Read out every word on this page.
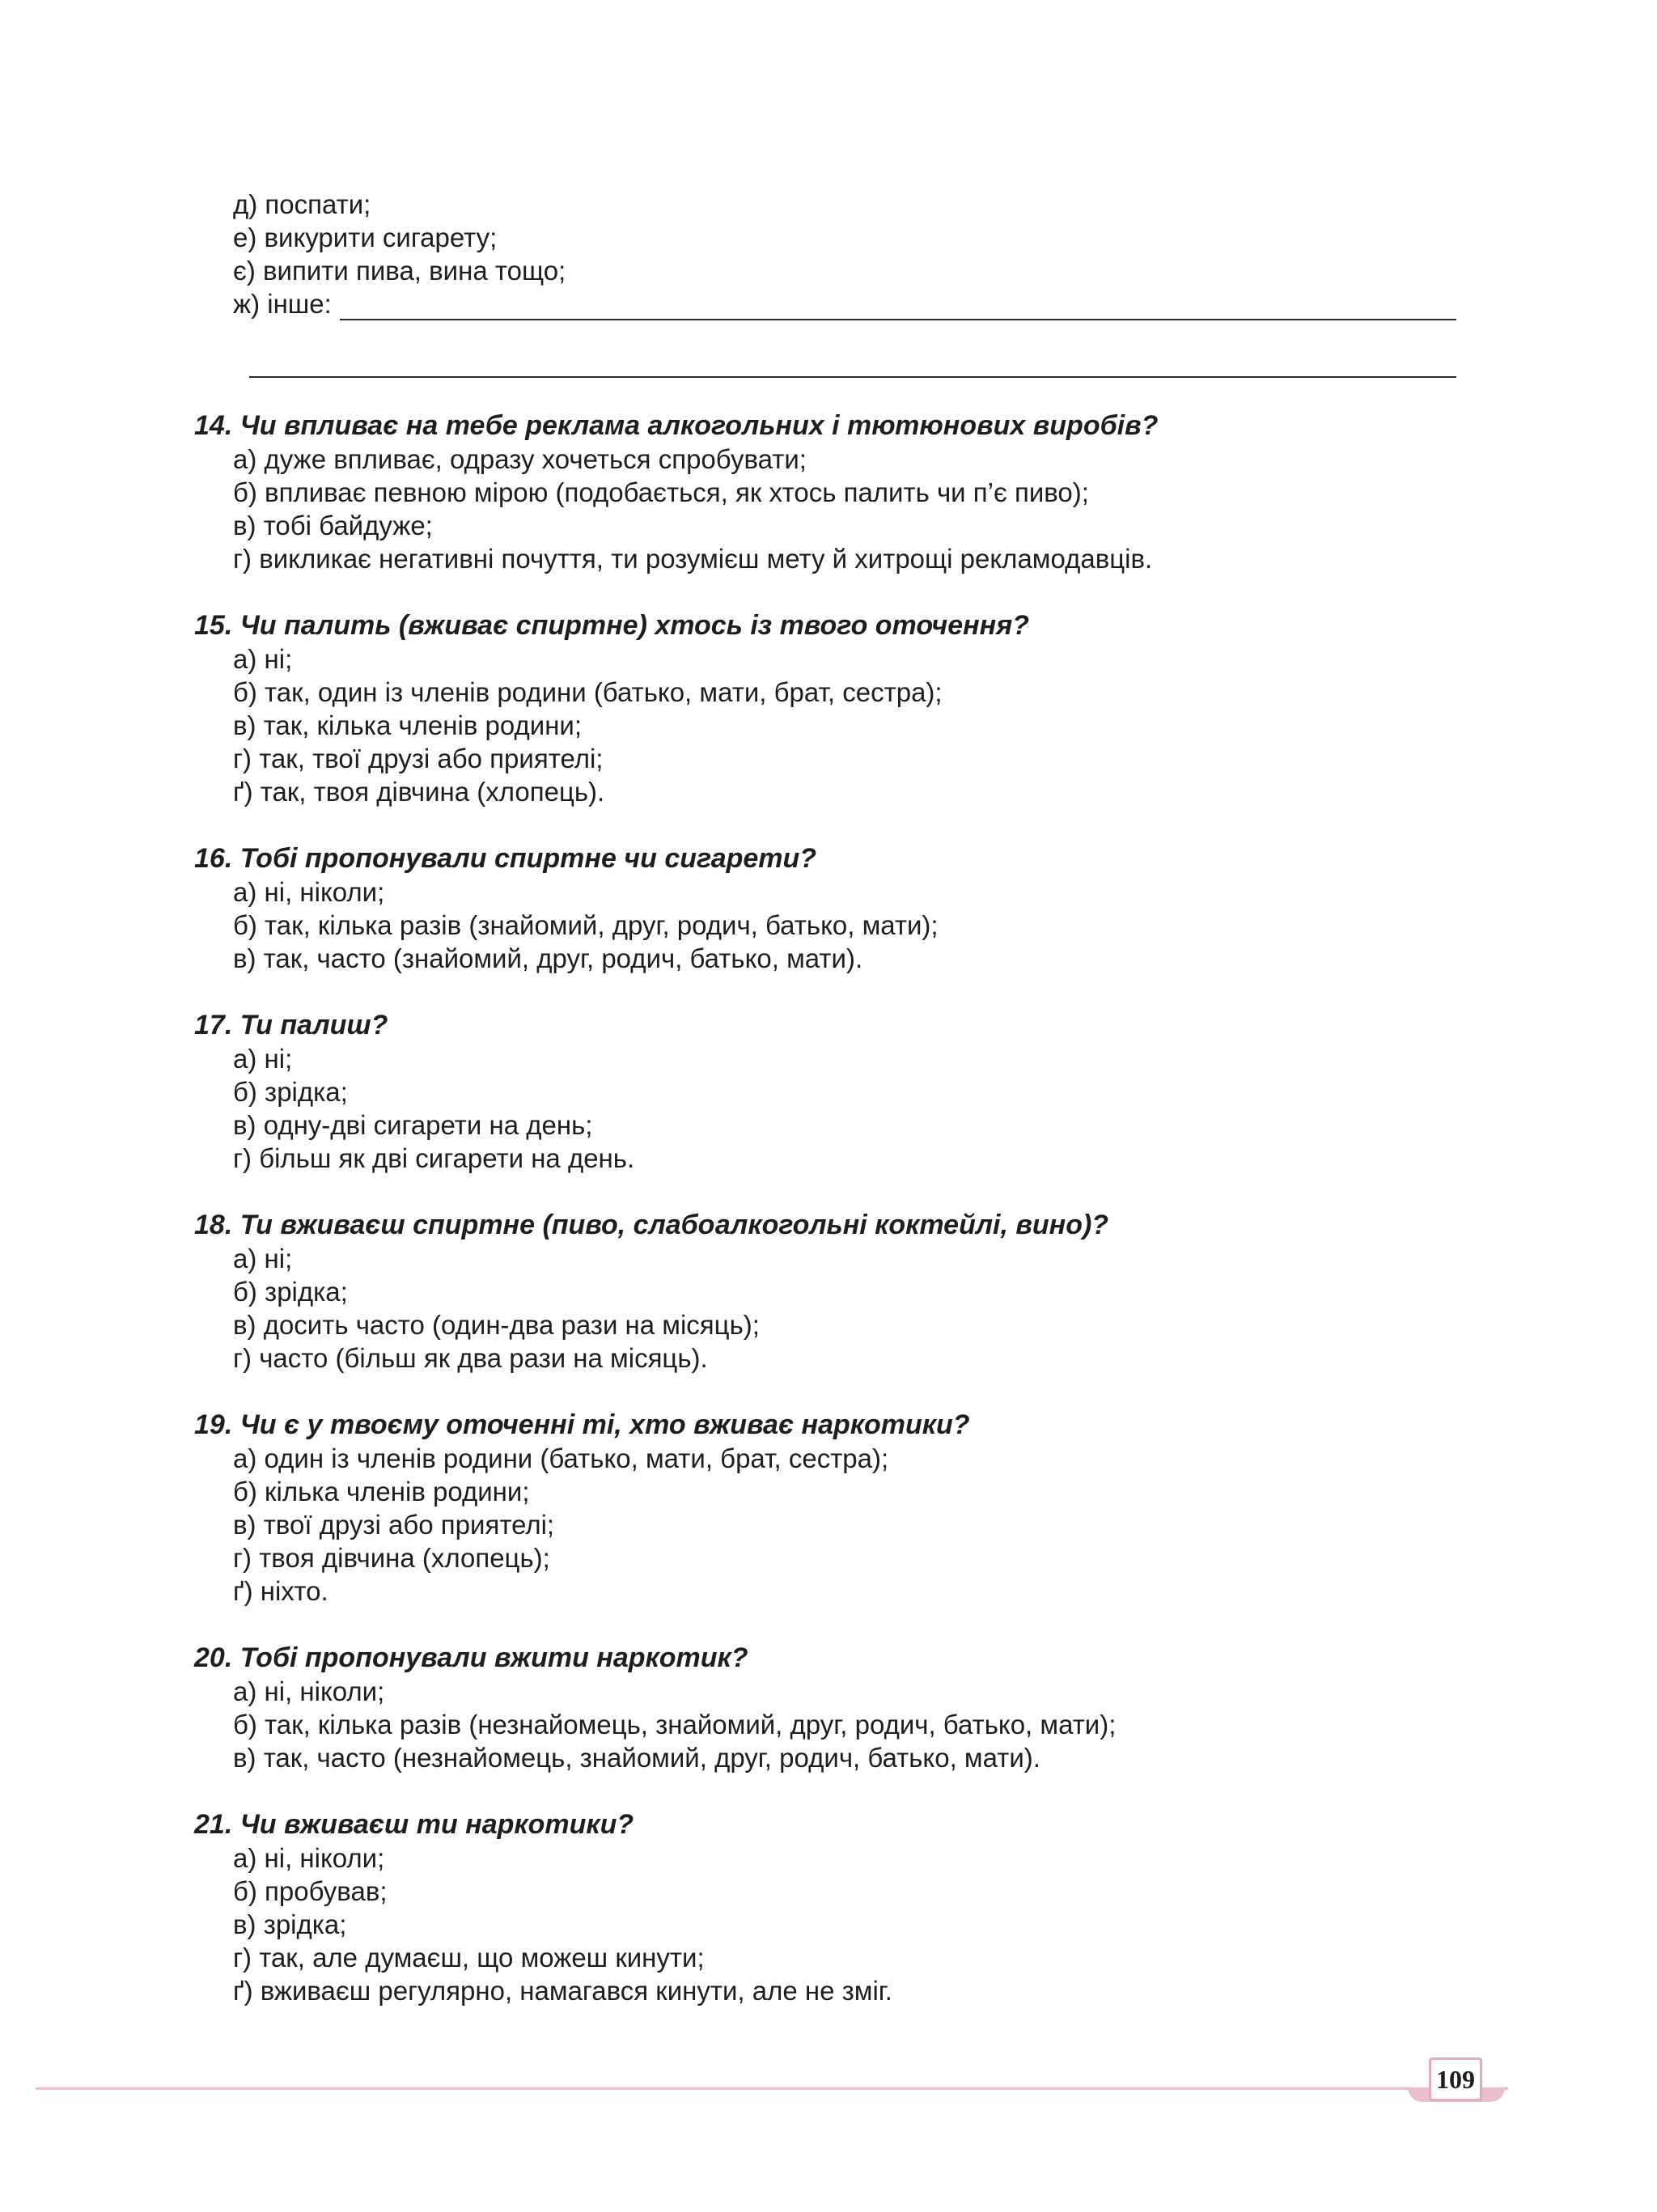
д) поспати;
е) викурити сигарету;
є) випити пива, вина тощо;
ж) інше:
14. Чи впливає на тебе реклама алкогольних і тютюнових виробів?
а) дуже впливає, одразу хочеться спробувати;
б) впливає певною мірою (подобається, як хтось палить чи п’є пиво);
в) тобі байдуже;
г) викликає негативні почуття, ти розумієш мету й хитрощі рекламодавців.
15. Чи палить (вживає спиртне) хтось із твого оточення?
а) ні;
б) так, один із членів родини (батько, мати, брат, сестра);
в) так, кілька членів родини;
г) так, твої друзі або приятелі;
ґ) так, твоя дівчина (хлопець).
16. Тобі пропонували спиртне чи сигарети?
а) ні, ніколи;
б) так, кілька разів (знайомий, друг, родич, батько, мати);
в) так, часто (знайомий, друг, родич, батько, мати).
17. Ти палиш?
а) ні;
б) зрідка;
в) одну-дві сигарети на день;
г) більш як дві сигарети на день.
18. Ти вживаєш спиртне (пиво, слабоалкогольні коктейлі, вино)?
а) ні;
б) зрідка;
в) досить часто (один-два рази на місяць);
г) часто (більш як два рази на місяць).
19. Чи є у твоєму оточенні ті, хто вживає наркотики?
а) один із членів родини (батько, мати, брат, сестра);
б) кілька членів родини;
в) твої друзі або приятелі;
г) твоя дівчина (хлопець);
ґ) ніхто.
20. Тобі пропонували вжити наркотик?
а) ні, ніколи;
б) так, кілька разів (незнайомець, знайомий, друг, родич, батько, мати);
в) так, часто (незнайомець, знайомий, друг, родич, батько, мати).
21. Чи вживаєш ти наркотики?
а) ні, ніколи;
б) пробував;
в) зрідка;
г) так, але думаєш, що можеш кинути;
ґ) вживаєш регулярно, намагався кинути, але не зміг.
109
